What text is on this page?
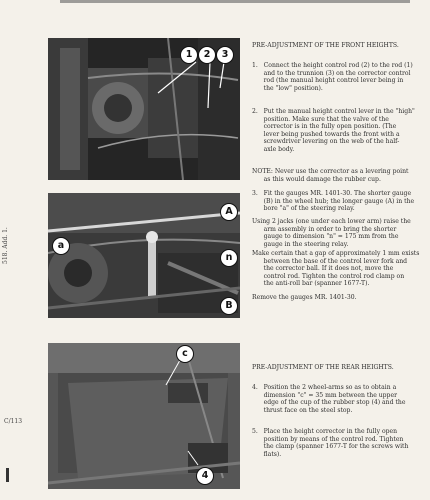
1	2	3
A
a
n
B
c
4
518. Add. 1.
C/113
PRE-ADJUSTMENT OF THE FRONT HEIGHTS.
1.   Connect the height control rod (2) to the rod (1)
and to the trunnion (3) on the corrector control
rod (the manual height control lever being in
the "low" position).
2.   Put the manual height control lever in the "high"
position. Make sure that the valve of the
corrector is in the fully open position. (The
lever being pushed towards the front with a
screwdriver levering on the web of the half-
axle body.
NOTE: Never use the corrector as a levering point
as this would damage the rubber cup.
3.   Fit the gauges MR. 1401-30. The shorter gauge
(B) in the wheel hub; the longer gauge (A) in the
bore "a" of the steering relay.
Using 2 jacks (one under each lower arm) raise the
arm assembly in order to bring the shorter
gauge to dimension "n" = 175 mm from the
gauge in the steering relay.
Make certain that a gap of approximately 1 mm exists
between the base of the control lever fork and
the corrector ball. If it does not, move the
control rod. Tighten the control rod clamp on
the anti-roll bar (spanner 1677-T).
Remove the gauges MR. 1401-30.
PRE-ADJUSTMENT OF THE REAR HEIGHTS.
4.   Position the 2 wheel-arms so as to obtain a
dimension "c" = 35 mm between the upper
edge of the cup of the rubber stop (4) and the
thrust face on the steel stop.
5.   Place the height corrector in the fully open
position by means of the control rod. Tighten
the clamp (spanner 1677-T for the screws with
flats).
